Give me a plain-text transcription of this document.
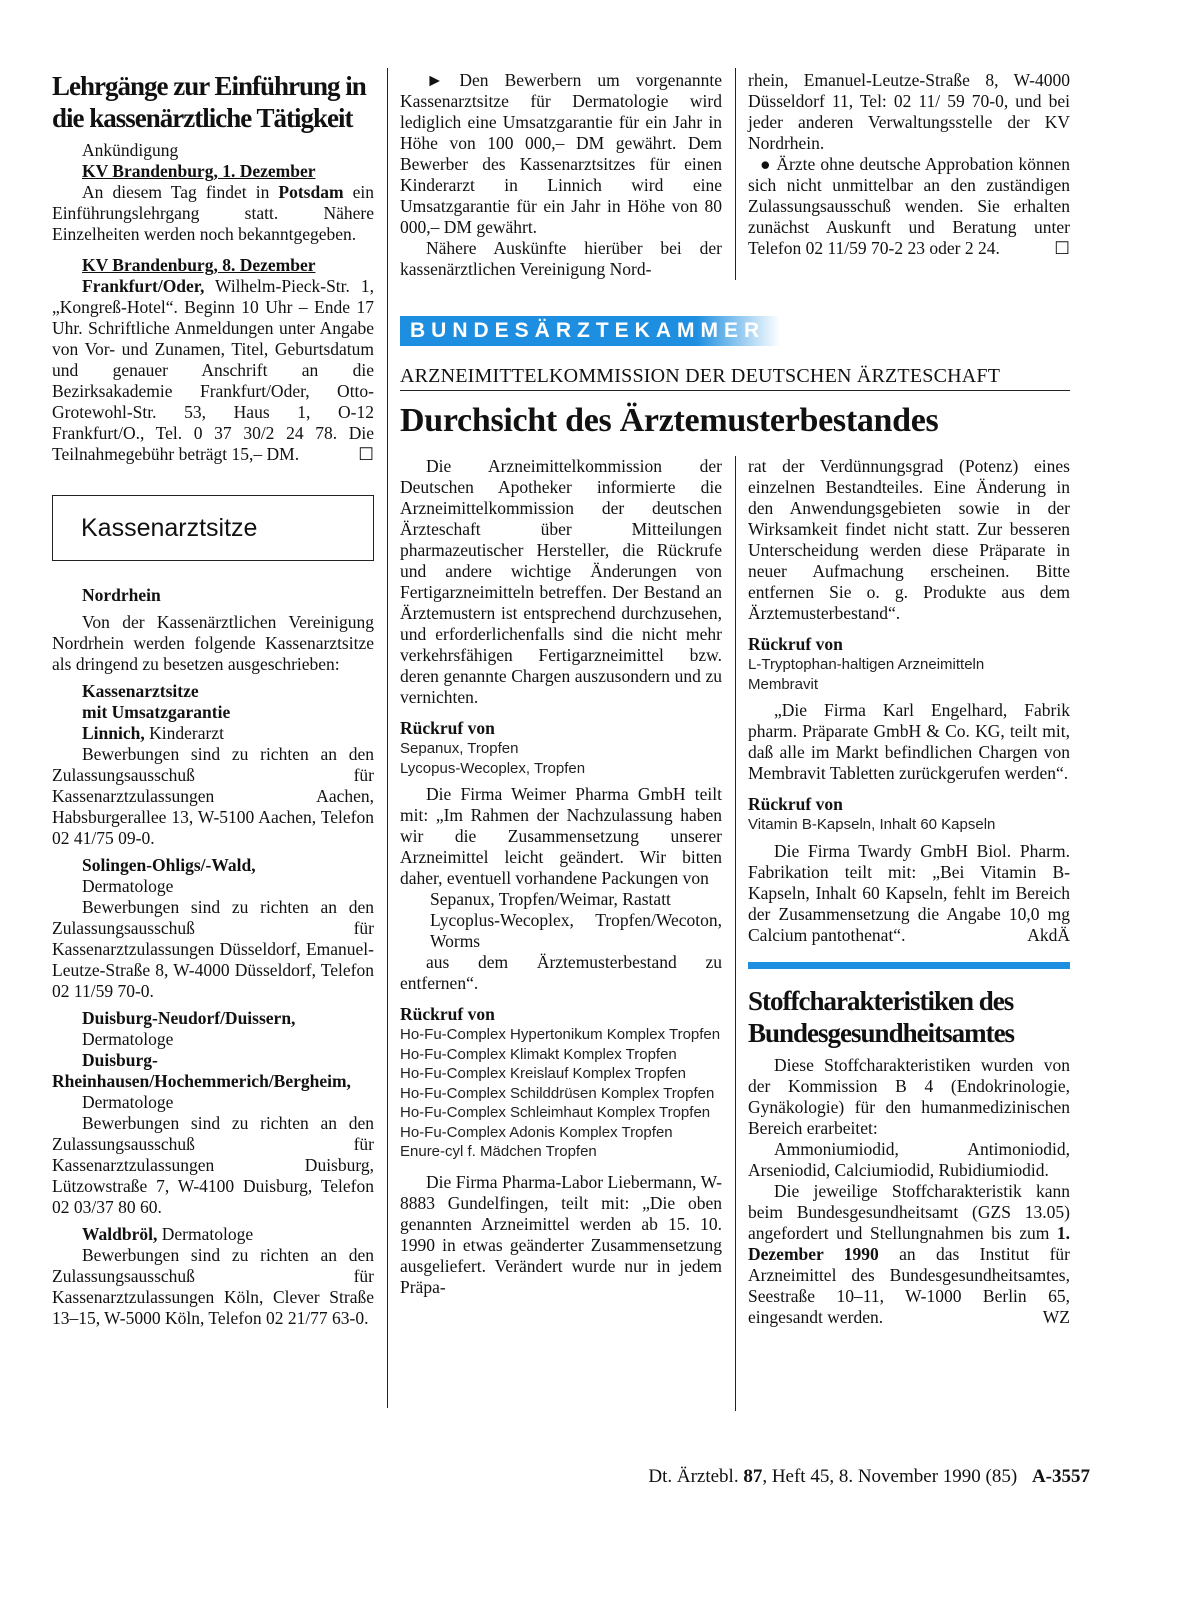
Lehrgänge zur Einführung in die kassenärztliche Tätigkeit

Ankündigung

KV Brandenburg, 1. Dezember

An diesem Tag findet in Potsdam ein Einführungslehrgang statt. Nähere Einzelheiten werden noch bekanntgegeben.

KV Brandenburg, 8. Dezember

Frankfurt/Oder, Wilhelm-Pieck-Str. 1, „Kongreß-Hotel“. Beginn 10 Uhr – Ende 17 Uhr. Schriftliche Anmeldungen unter Angabe von Vor- und Zunamen, Titel, Geburtsdatum und genauer Anschrift an die Bezirksakademie Frankfurt/Oder, Otto-Grotewohl-Str. 53, Haus 1, O-12 Frankfurt/O., Tel. 0 37 30/2 24 78. Die Teilnahmegebühr beträgt 15,– DM.	☐

Kassenarztsitze

Nordrhein

Von der Kassenärztlichen Vereinigung Nordrhein werden folgende Kassenarztsitze als dringend zu besetzen ausgeschrieben:

Kassenarztsitze

mit Umsatzgarantie

Linnich, Kinderarzt

Bewerbungen sind zu richten an den Zulassungsausschuß für Kassenarztzulassungen Aachen, Habsburgerallee 13, W-5100 Aachen, Telefon 02 41/75 09-0.

Solingen-Ohligs/-Wald,

Dermatologe

Bewerbungen sind zu richten an den Zulassungsausschuß für Kassenarztzulassungen Düsseldorf, Emanuel-Leutze-Straße 8, W-4000 Düsseldorf, Telefon 02 11/59 70-0.

Duisburg-Neudorf/Duissern,

Dermatologe

Duisburg-Rheinhausen/Hochemmerich/Bergheim,

Dermatologe

Bewerbungen sind zu richten an den Zulassungsausschuß für Kassenarztzulassungen Duisburg, Lützowstraße 7, W-4100 Duisburg, Telefon 02 03/37 80 60.

Waldbröl, Dermatologe

Bewerbungen sind zu richten an den Zulassungsausschuß für Kassenarztzulassungen Köln, Clever Straße 13–15, W-5000 Köln, Telefon 02 21/77 63-0.

► Den Bewerbern um vorgenannte Kassenarztsitze für Dermatologie wird lediglich eine Umsatzgarantie für ein Jahr in Höhe von 100 000,– DM gewährt. Dem Bewerber des Kassenarztsitzes für einen Kinderarzt in Linnich wird eine Umsatzgarantie für ein Jahr in Höhe von 80 000,– DM gewährt.

Nähere Auskünfte hierüber bei der kassenärztlichen Vereinigung Nord-

rhein, Emanuel-Leutze-Straße 8, W-4000 Düsseldorf 11, Tel: 02 11/ 59 70-0, und bei jeder anderen Verwaltungsstelle der KV Nordrhein.

● Ärzte ohne deutsche Approbation können sich nicht unmittelbar an den zuständigen Zulassungsausschuß wenden. Sie erhalten zunächst Auskunft und Beratung unter Telefon 02 11/59 70-2 23 oder 2 24.	☐

BUNDESÄRZTEKAMMER
ARZNEIMITTELKOMMISSION DER DEUTSCHEN ÄRZTESCHAFT
Durchsicht des Ärztemusterbestandes

Die Arzneimittelkommission der Deutschen Apotheker informierte die Arzneimittelkommission der deutschen Ärzteschaft über Mitteilungen pharmazeutischer Hersteller, die Rückrufe und andere wichtige Änderungen von Fertigarzneimitteln betreffen. Der Bestand an Ärztemustern ist entsprechend durchzusehen, und erforderlichenfalls sind die nicht mehr verkehrsfähigen Fertigarzneimittel bzw. deren genannte Chargen auszusondern und zu vernichten.

Rückruf von

Sepanux, Tropfen

Lycopus-Wecoplex, Tropfen

Die Firma Weimer Pharma GmbH teilt mit: „Im Rahmen der Nachzulassung haben wir die Zusammensetzung unserer Arzneimittel leicht geändert. Wir bitten daher, eventuell vorhandene Packungen von

Sepanux, Tropfen/Weimar, Rastatt

Lycoplus-Wecoplex, Tropfen/Wecoton, Worms

aus dem Ärztemusterbestand zu entfernen“.

Rückruf von

Ho-Fu-Complex Hypertonikum Komplex Tropfen

Ho-Fu-Complex Klimakt Komplex Tropfen

Ho-Fu-Complex Kreislauf Komplex Tropfen

Ho-Fu-Complex Schilddrüsen Komplex Tropfen

Ho-Fu-Complex Schleimhaut Komplex Tropfen

Ho-Fu-Complex Adonis Komplex Tropfen

Enure-cyl f. Mädchen Tropfen

Die Firma Pharma-Labor Liebermann, W-8883 Gundelfingen, teilt mit: „Die oben genannten Arzneimittel werden ab 15. 10. 1990 in etwas geänderter Zusammensetzung ausgeliefert. Verändert wurde nur in jedem Präpa-

rat der Verdünnungsgrad (Potenz) eines einzelnen Bestandteiles. Eine Änderung in den Anwendungsgebieten sowie in der Wirksamkeit findet nicht statt. Zur besseren Unterscheidung werden diese Präparate in neuer Aufmachung erscheinen. Bitte entfernen Sie o. g. Produkte aus dem Ärztemusterbestand“.

Rückruf von

L-Tryptophan-haltigen Arzneimitteln

Membravit

„Die Firma Karl Engelhard, Fabrik pharm. Präparate GmbH & Co. KG, teilt mit, daß alle im Markt befindlichen Chargen von Membravit Tabletten zurückgerufen werden“.

Rückruf von

Vitamin B-Kapseln, Inhalt 60 Kapseln

Die Firma Twardy GmbH Biol. Pharm. Fabrikation teilt mit: „Bei Vitamin B-Kapseln, Inhalt 60 Kapseln, fehlt im Bereich der Zusammensetzung die Angabe 10,0 mg Calcium pantothenat“.	AkdÄ

Stoffcharakteristiken des Bundesgesundheitsamtes

Diese Stoffcharakteristiken wurden von der Kommission B 4 (Endokrinologie, Gynäkologie) für den humanmedizinischen Bereich erarbeitet:

Ammoniumiodid, Antimoniodid, Arseniodid, Calciumiodid, Rubidiumiodid.

Die jeweilige Stoffcharakteristik kann beim Bundesgesundheitsamt (GZS 13.05) angefordert und Stellungnahmen bis zum 1. Dezember 1990 an das Institut für Arzneimittel des Bundesgesundheitsamtes, Seestraße 10–11, W-1000 Berlin 65, eingesandt werden.	WZ

Dt. Ärztebl. 87, Heft 45, 8. November 1990 (85) A-3557
